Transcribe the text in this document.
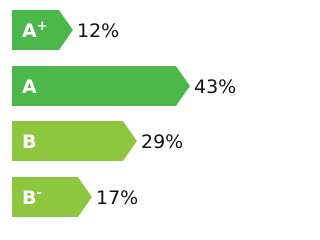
A+ 12%
A	43%
B	29%
B-	17%
